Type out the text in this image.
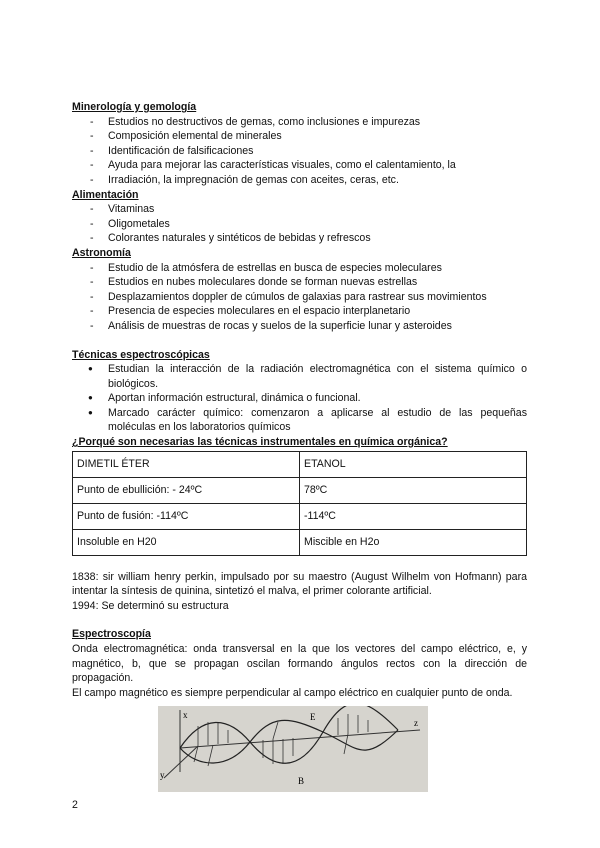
Minerología y gemología
- Estudios no destructivos de gemas, como inclusiones e impurezas
- Composición elemental de minerales
- Identificación de falsificaciones
- Ayuda para mejorar las características visuales, como el calentamiento, la
- Irradiación, la impregnación de gemas con aceites, ceras, etc.
Alimentación
- Vitaminas
- Oligometales
- Colorantes naturales y sintéticos de bebidas y refrescos
Astronomía
- Estudio de la atmósfera de estrellas en busca de especies moleculares
- Estudios en nubes moleculares donde se forman nuevas estrellas
- Desplazamientos doppler de cúmulos de galaxias para rastrear sus movimientos
- Presencia de especies moleculares en el espacio interplanetario
- Análisis de muestras de rocas y suelos de la superficie lunar y asteroides
Técnicas espectroscópicas
● Estudian la interacción de la radiación electromagnética con el sistema químico o biológicos.
● Aportan información estructural, dinámica o funcional.
● Marcado carácter químico: comenzaron a aplicarse al estudio de las pequeñas moléculas en los laboratorios químicos
¿Porqué son necesarias las técnicas instrumentales en química orgánica?
DIMETIL ÉTER	ETANOL
Punto de ebullición: - 24ºC	78ºC
Punto de fusión: -114ºC	-114ºC
Insoluble en H20	Miscible en H2o

1838: sir william henry perkin, impulsado por su maestro (August Wilhelm von Hofmann) para intentar la síntesis de quinina, sintetizó el malva, el primer colorante artificial.

1994: Se determinó su estructura

Espectroscopía

Onda electromagnética: onda transversal en la que los vectores del campo eléctrico, e, y magnético, b, que se propagan oscilan formando ángulos rectos con la dirección de propagación.

El campo magnético es siempre perpendicular al campo eléctrico en cualquier punto de onda.

x
y
z
E
B
2
